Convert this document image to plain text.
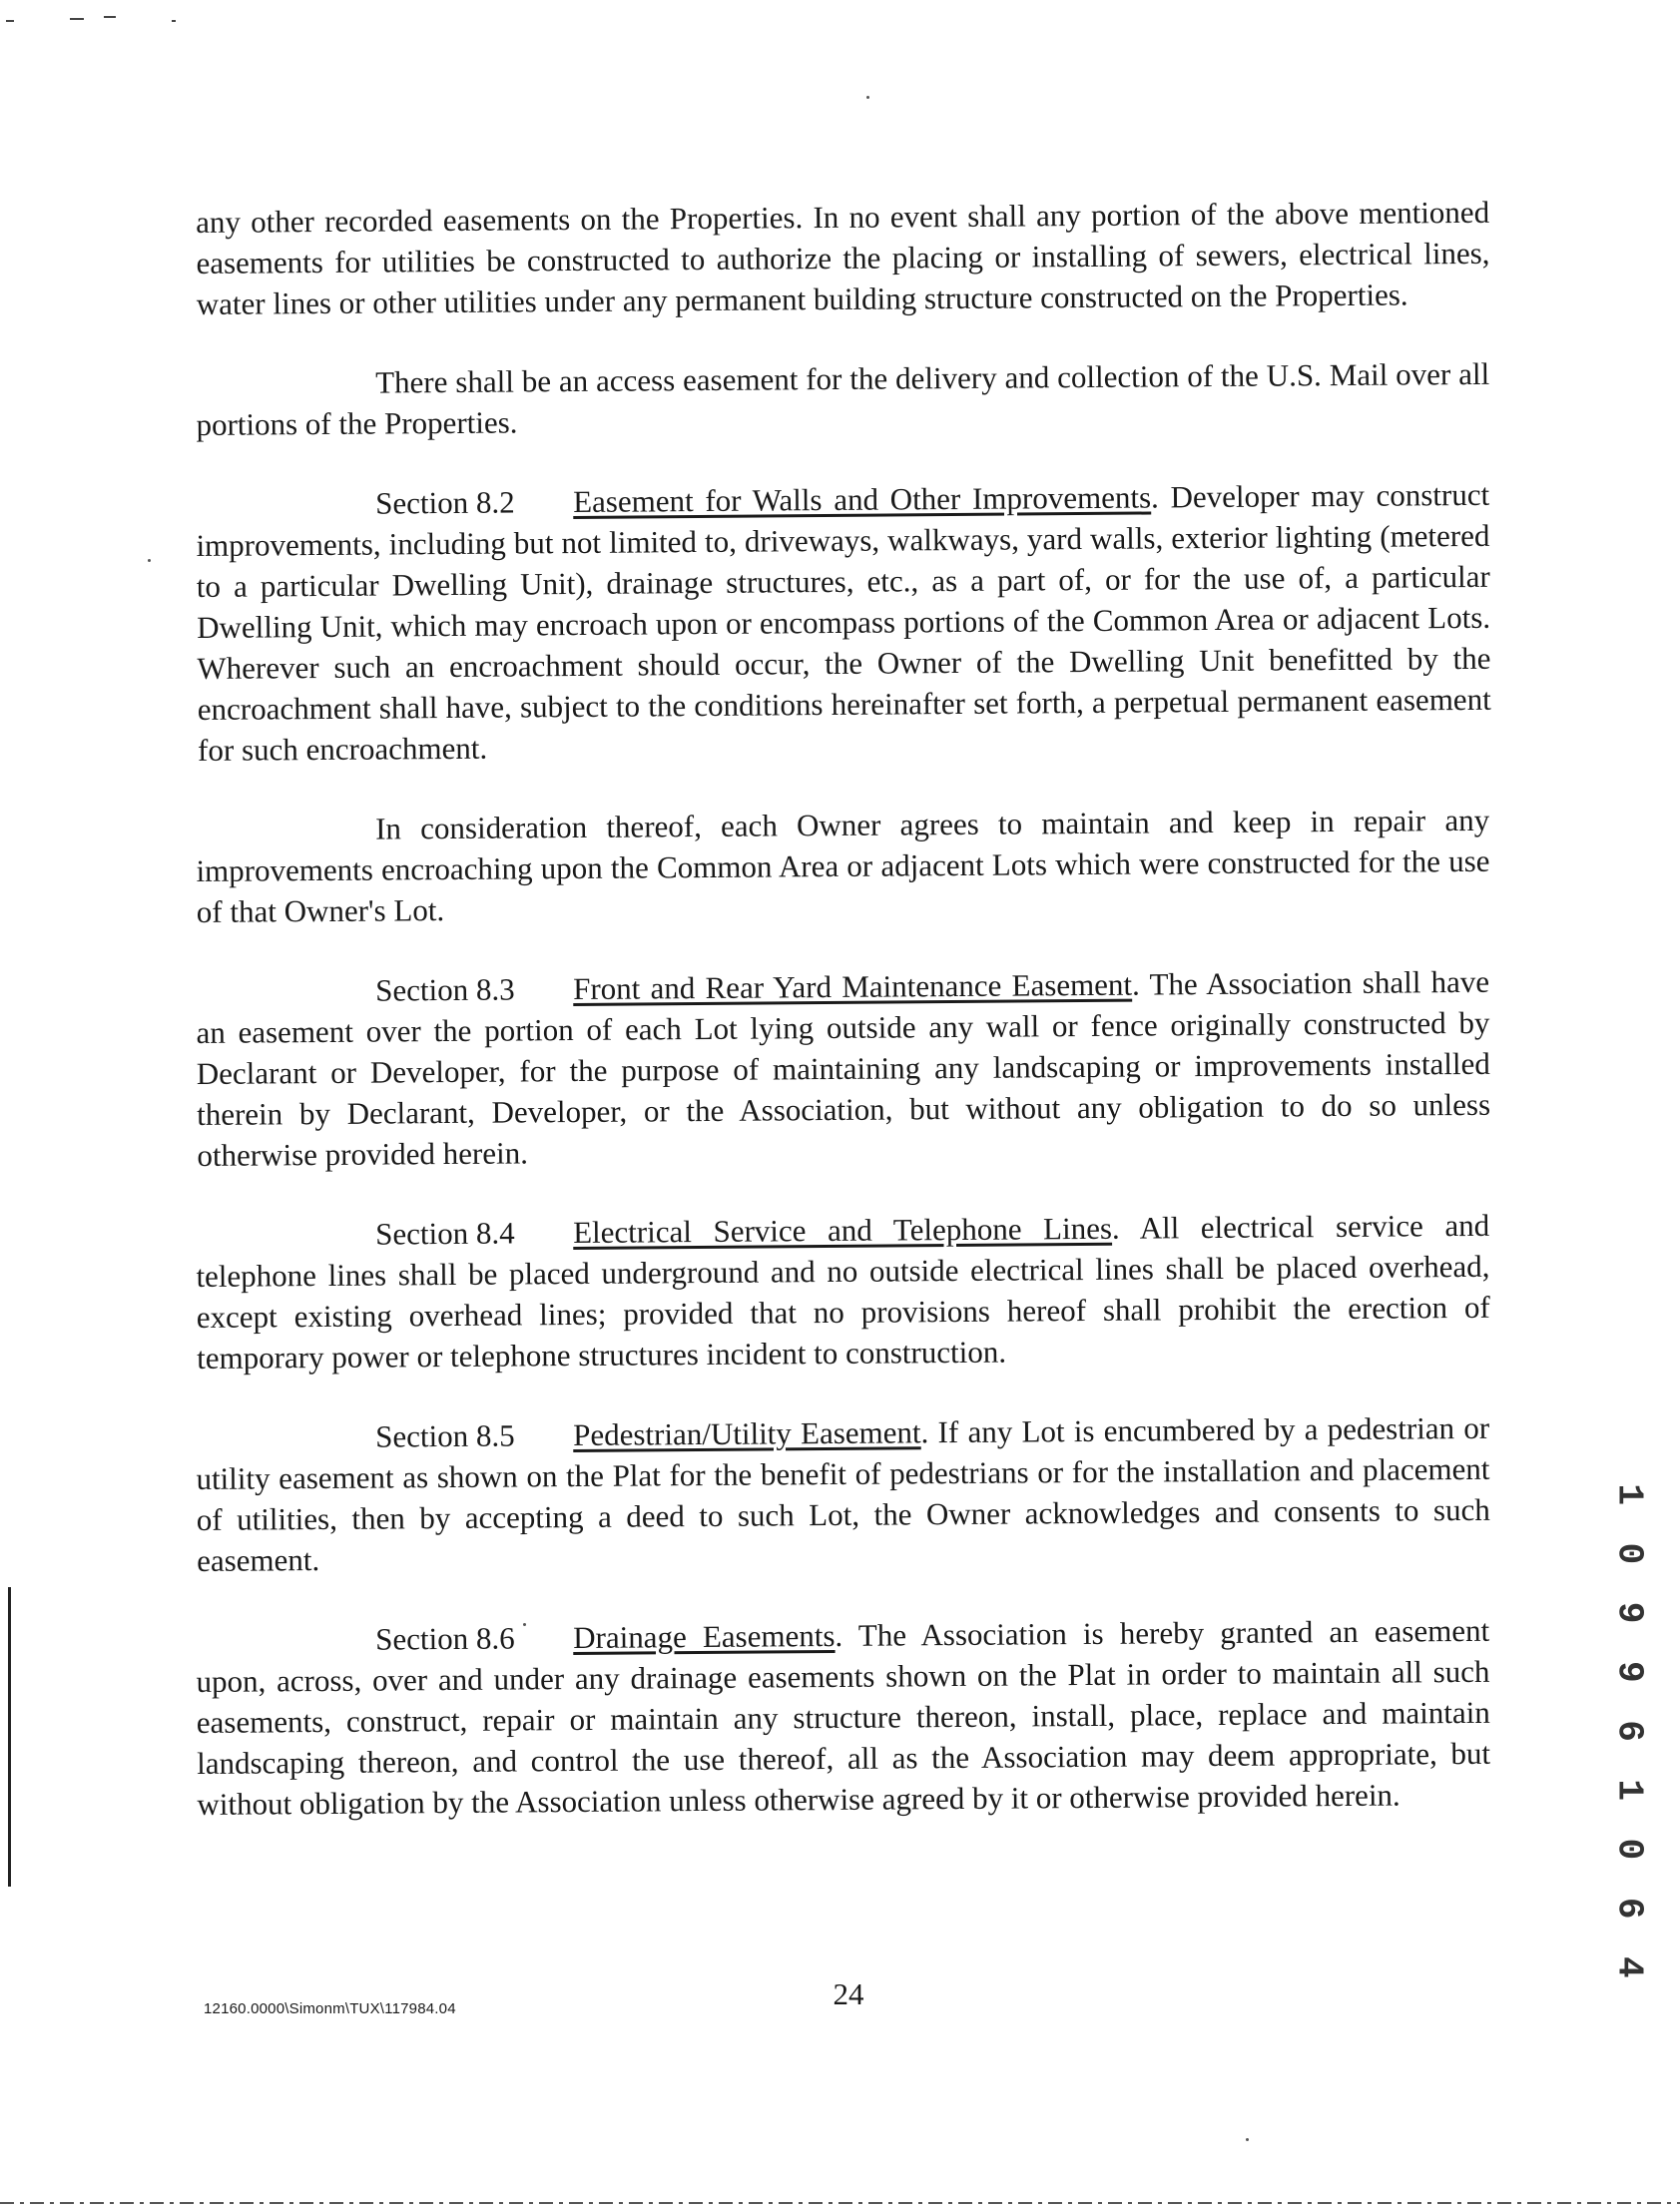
any other recorded easements on the Properties. In no event shall any portion of the above mentioned easements for utilities be constructed to authorize the placing or installing of sewers, electrical lines, water lines or other utilities under any permanent building structure constructed on the Properties.

There shall be an access easement for the delivery and collection of the U.S. Mail over all portions of the Properties.

Section 8.2 Easement for Walls and Other Improvements. Developer may construct improvements, including but not limited to, driveways, walkways, yard walls, exterior lighting (metered to a particular Dwelling Unit), drainage structures, etc., as a part of, or for the use of, a particular Dwelling Unit, which may encroach upon or encompass portions of the Common Area or adjacent Lots. Wherever such an encroachment should occur, the Owner of the Dwelling Unit benefitted by the encroachment shall have, subject to the conditions hereinafter set forth, a perpetual permanent easement for such encroachment.

In consideration thereof, each Owner agrees to maintain and keep in repair any improvements encroaching upon the Common Area or adjacent Lots which were constructed for the use of that Owner's Lot.

Section 8.3 Front and Rear Yard Maintenance Easement. The Association shall have an easement over the portion of each Lot lying outside any wall or fence originally constructed by Declarant or Developer, for the purpose of maintaining any landscaping or improvements installed therein by Declarant, Developer, or the Association, but without any obligation to do so unless otherwise provided herein.

Section 8.4 Electrical Service and Telephone Lines. All electrical service and telephone lines shall be placed underground and no outside electrical lines shall be placed overhead, except existing overhead lines; provided that no provisions hereof shall prohibit the erection of temporary power or telephone structures incident to construction.

Section 8.5 Pedestrian/Utility Easement. If any Lot is encumbered by a pedestrian or utility easement as shown on the Plat for the benefit of pedestrians or for the installation and placement of utilities, then by accepting a deed to such Lot, the Owner acknowledges and consents to such easement.

Section 8.6 Drainage Easements. The Association is hereby granted an easement upon, across, over and under any drainage easements shown on the Plat in order to maintain all such easements, construct, repair or maintain any structure thereon, install, place, replace and maintain landscaping thereon, and control the use thereof, all as the Association may deem appropriate, but without obligation by the Association unless otherwise agreed by it or otherwise provided herein.	1 0 9 9 6 1 0 6 4
24
12160.0000\Simonm\TUX\117984.04
